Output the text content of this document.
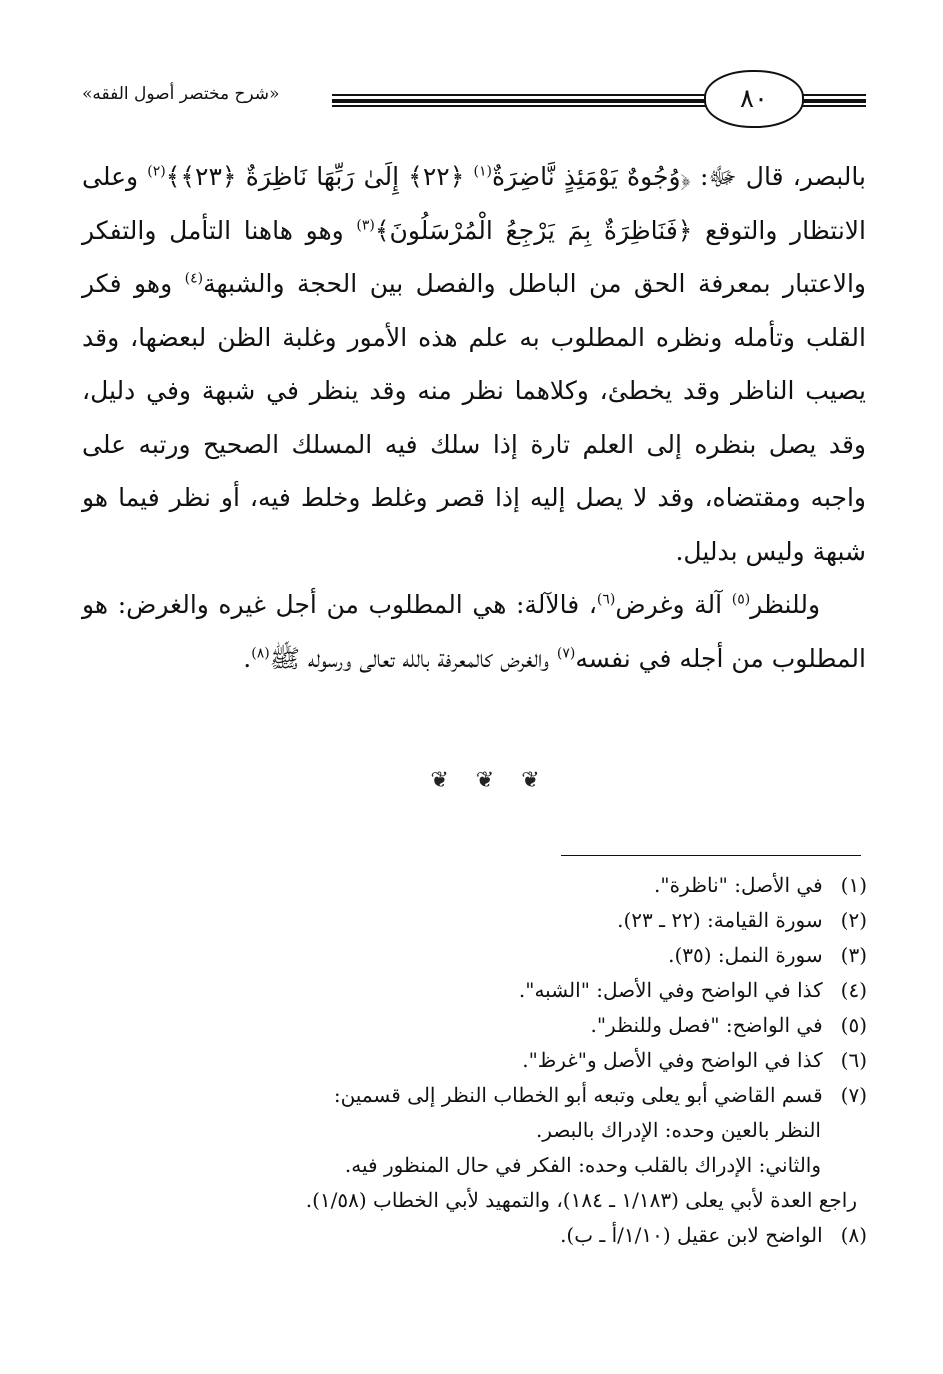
«شرح مختصر أصول الفقه»	٨٠

بالبصر، قال ﷻ: ﴿وُجُوهٌ يَوْمَئِذٍ نَّاضِرَةٌ$^{(١)}$ ﴿٢٢﴾ إِلَىٰ رَبِّهَا نَاظِرَةٌ ﴿٢٣﴾﴾$^{(٢)}$ وعلى الانتظار والتوقع ﴿فَنَاظِرَةٌ بِمَ يَرْجِعُ الْمُرْسَلُونَ﴾$^{(٣)}$ وهو هاهنا التأمل والتفكر والاعتبار بمعرفة الحق من الباطل والفصل بين الحجة والشبهة$^{(٤)}$ وهو فكر القلب وتأمله ونظره المطلوب به علم هذه الأمور وغلبة الظن لبعضها، وقد يصيب الناظر وقد يخطئ، وكلاهما نظر منه وقد ينظر في شبهة وفي دليل، وقد يصل بنظره إلى العلم تارة إذا سلك فيه المسلك الصحيح ورتبه على واجبه ومقتضاه، وقد لا يصل إليه إذا قصر وغلط وخلط فيه، أو نظر فيما هو شبهة وليس بدليل.

وللنظر$^{(٥)}$ آلة وغرض$^{(٦)}$، فالآلة: هي المطلوب من أجل غيره والغرض: هو المطلوب من أجله في نفسه$^{(٧)}$ والغرض كالمعرفة بالله تعالى ورسوله ﷺ$^{(٨)}$.

❦ ❦ ❦

(١) في الأصل: "ناظرة".

(٢) سورة القيامة: (٢٢ ـ ٢٣).

(٣) سورة النمل: (٣٥).

(٤) كذا في الواضح وفي الأصل: "الشبه".

(٥) في الواضح: "فصل وللنظر".

(٦) كذا في الواضح وفي الأصل و"غرظ".

(٧) قسم القاضي أبو يعلى وتبعه أبو الخطاب النظر إلى قسمين:

النظر بالعين وحده: الإدراك بالبصر.

والثاني: الإدراك بالقلب وحده: الفكر في حال المنظور فيه.

راجع العدة لأبي يعلى (١/١٨٣ ـ ١٨٤)، والتمهيد لأبي الخطاب (١/٥٨).

(٨) الواضح لابن عقيل (١/١٠/أ ـ ب).
